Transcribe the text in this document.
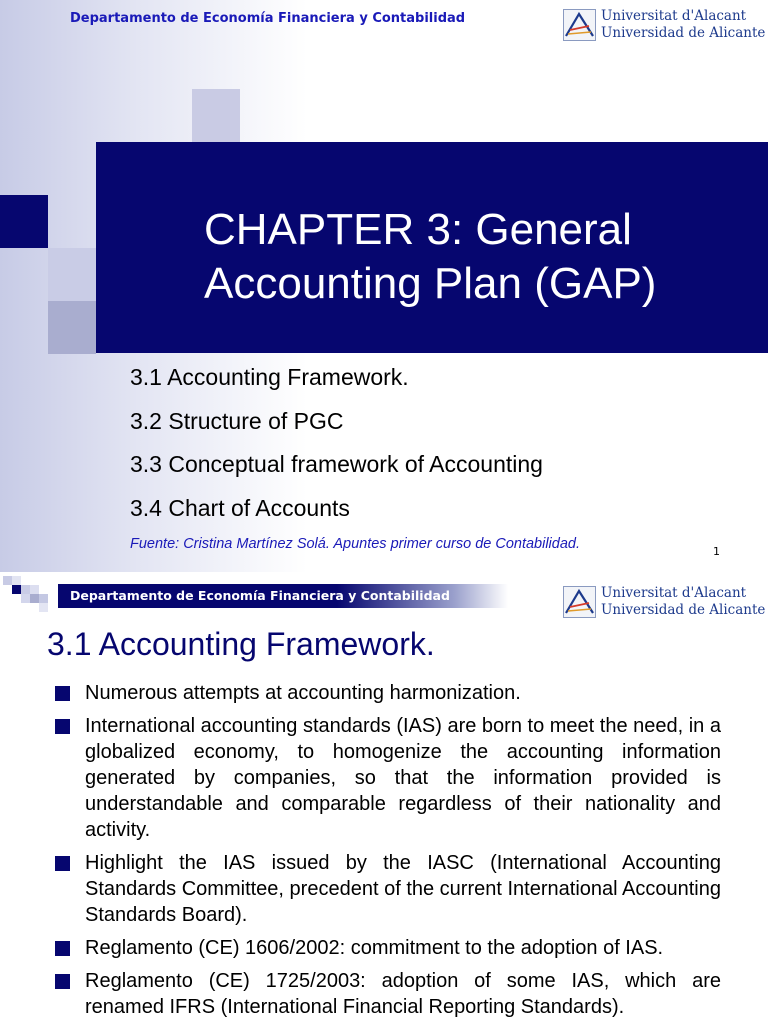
Departamento de Economía Financiera y Contabilidad	Universitat d'Alacant
Universidad de Alicante
CHAPTER 3: General
Accounting Plan (GAP)
3.1 Accounting Framework.
3.2 Structure of PGC
3.3 Conceptual framework of Accounting
3.4 Chart of Accounts
Fuente: Cristina Martínez Solá. Apuntes primer curso de Contabilidad.	1
Departamento de Economía Financiera y Contabilidad	Universitat d'Alacant
Universidad de Alicante
3.1 Accounting Framework.
Numerous attempts at accounting harmonization.
International accounting standards (IAS) are born to meet the need, in a globalized economy, to homogenize the accounting information generated by companies, so that the information provided is understandable and comparable regardless of their nationality and activity.
Highlight the IAS issued by the IASC (International Accounting Standards Committee, precedent of the current International Accounting Standards Board).
Reglamento (CE) 1606/2002: commitment to the adoption of IAS.
Reglamento (CE) 1725/2003: adoption of some IAS, which are renamed IFRS (International Financial Reporting Standards).
